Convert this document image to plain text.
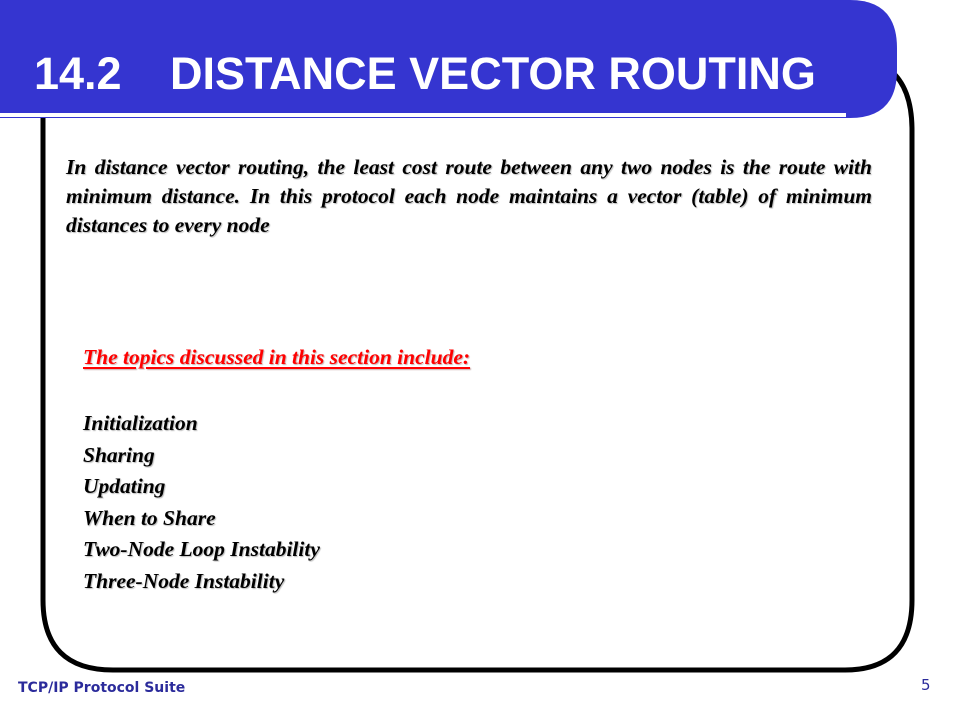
14.2 DISTANCE VECTOR ROUTING
In distance vector routing, the least cost route between any two nodes is the route with minimum distance. In this protocol each node maintains a vector (table) of minimum distances to every node
The topics discussed in this section include:
Initialization
Sharing
Updating
When to Share
Two-Node Loop Instability
Three-Node Instability
TCP/IP Protocol Suite	5
